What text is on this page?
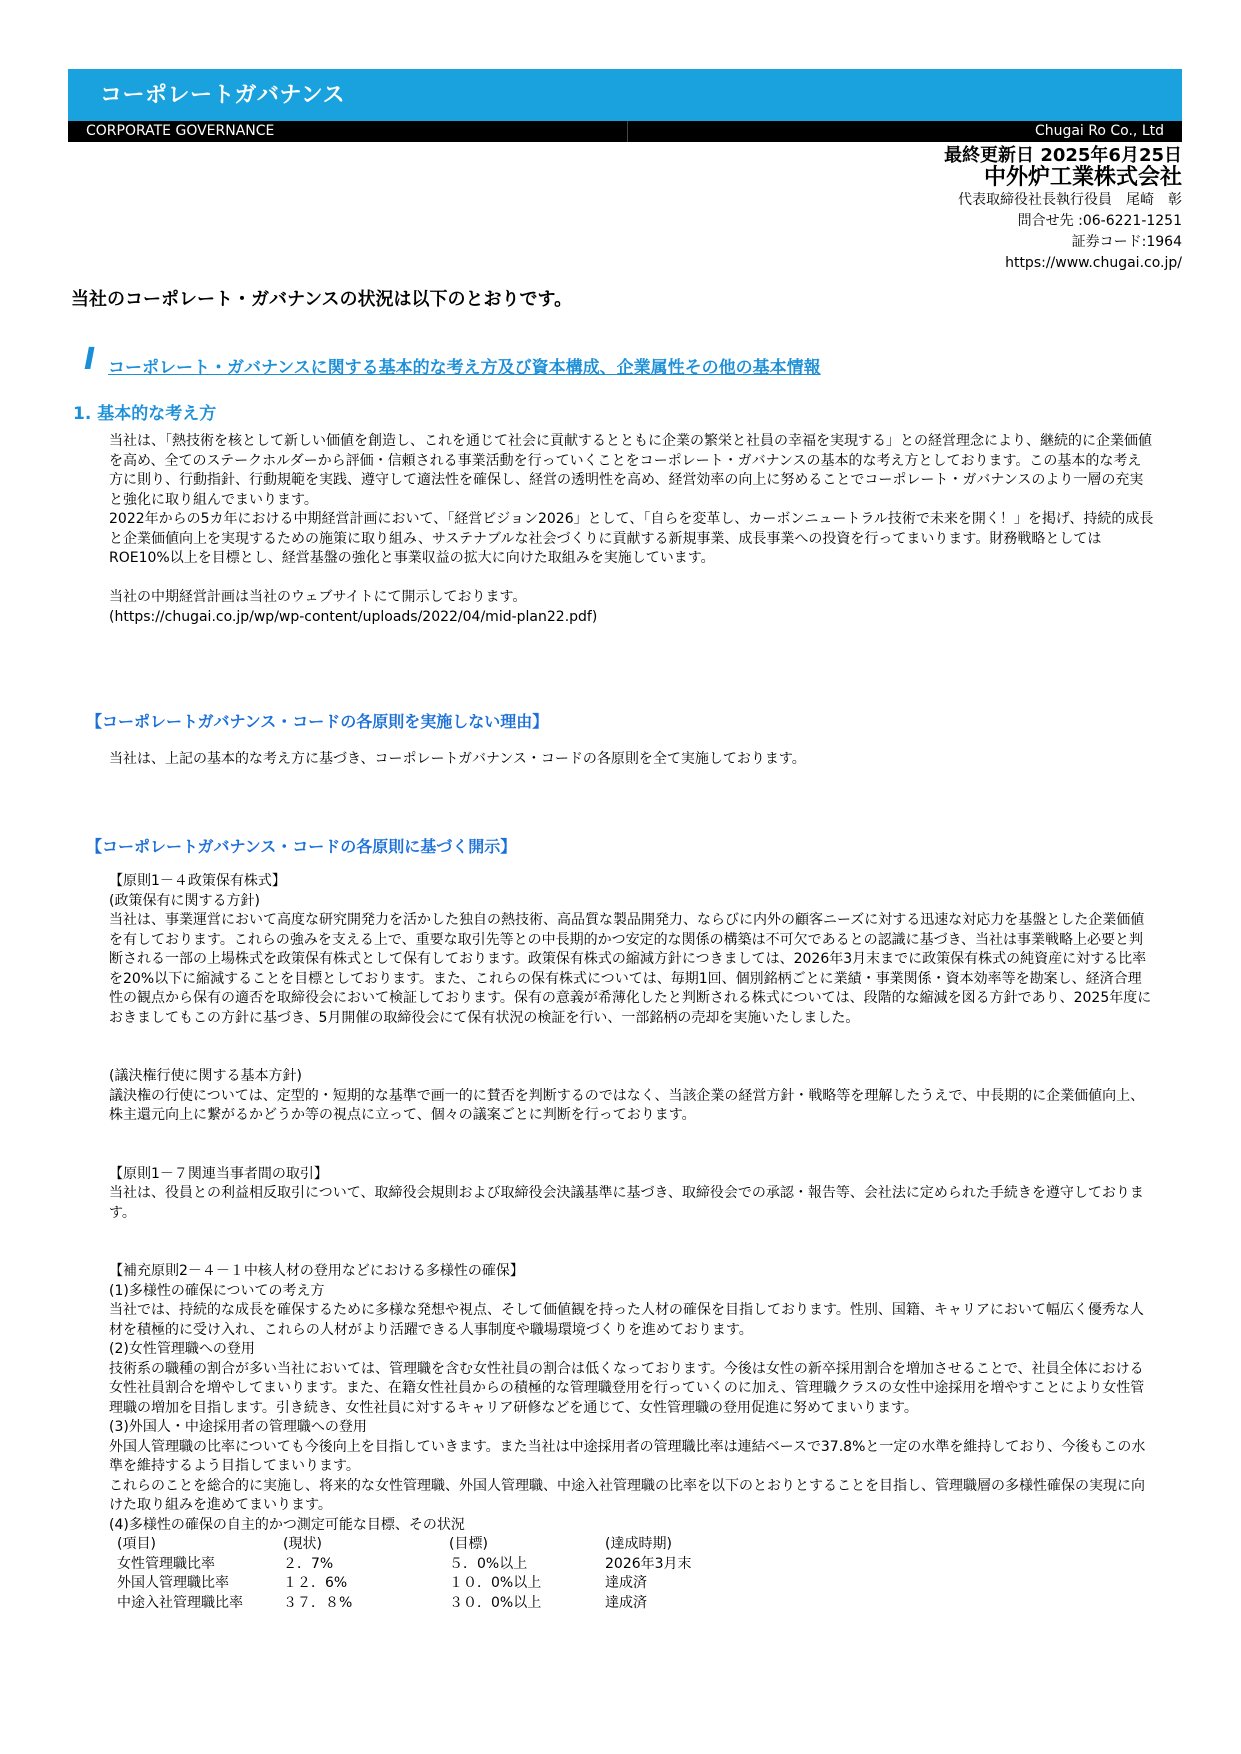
コーポレートガバナンス
CORPORATE GOVERNANCE	Chugai Ro Co., Ltd
最終更新日 2025年6月25日
中外炉工業株式会社
代表取締役社長執行役員　尾崎　彰
問合せ先 :06-6221-1251
証券コード:1964
https://www.chugai.co.jp/
当社のコーポレート・ガバナンスの状況は以下のとおりです。
I コーポレート・ガバナンスに関する基本的な考え方及び資本構成、企業属性その他の基本情報
1. 基本的な考え方

当社は、「熱技術を核として新しい価値を創造し、これを通じて社会に貢献するとともに企業の繁栄と社員の幸福を実現する」との経営理念により、継続的に企業価値を高め、全てのステークホルダーから評価・信頼される事業活動を行っていくことをコーポレート・ガバナンスの基本的な考え方としております。この基本的な考え方に則り、行動指針、行動規範を実践、遵守して適法性を確保し、経営の透明性を高め、経営効率の向上に努めることでコーポレート・ガバナンスのより一層の充実と強化に取り組んでまいります。

2022年からの5カ年における中期経営計画において、「経営ビジョン2026」として、「自らを変革し、カーボンニュートラル技術で未来を開く！」を掲げ、持続的成長と企業価値向上を実現するための施策に取り組み、サステナブルな社会づくりに貢献する新規事業、成長事業への投資を行ってまいります。財務戦略としてはROE10%以上を目標とし、経営基盤の強化と事業収益の拡大に向けた取組みを実施しています。

当社の中期経営計画は当社のウェブサイトにて開示しております。

(https://chugai.co.jp/wp/wp-content/uploads/2022/04/mid-plan22.pdf)

【コーポレートガバナンス・コードの各原則を実施しない理由】

当社は、上記の基本的な考え方に基づき、コーポレートガバナンス・コードの各原則を全て実施しております。

【コーポレートガバナンス・コードの各原則に基づく開示】

【原則1－４政策保有株式】

(政策保有に関する方針)

当社は、事業運営において高度な研究開発力を活かした独自の熱技術、高品質な製品開発力、ならびに内外の顧客ニーズに対する迅速な対応力を基盤とした企業価値を有しております。これらの強みを支える上で、重要な取引先等との中長期的かつ安定的な関係の構築は不可欠であるとの認識に基づき、当社は事業戦略上必要と判断される一部の上場株式を政策保有株式として保有しております。政策保有株式の縮減方針につきましては、2026年3月末までに政策保有株式の純資産に対する比率を20%以下に縮減することを目標としております。また、これらの保有株式については、毎期1回、個別銘柄ごとに業績・事業関係・資本効率等を勘案し、経済合理性の観点から保有の適否を取締役会において検証しております。保有の意義が希薄化したと判断される株式については、段階的な縮減を図る方針であり、2025年度におきましてもこの方針に基づき、5月開催の取締役会にて保有状況の検証を行い、一部銘柄の売却を実施いたしました。

(議決権行使に関する基本方針)

議決権の行使については、定型的・短期的な基準で画一的に賛否を判断するのではなく、当該企業の経営方針・戦略等を理解したうえで、中長期的に企業価値向上、株主還元向上に繋がるかどうか等の視点に立って、個々の議案ごとに判断を行っております。

【原則1－７関連当事者間の取引】

当社は、役員との利益相反取引について、取締役会規則および取締役会決議基準に基づき、取締役会での承認・報告等、会社法に定められた手続きを遵守しております。

【補充原則2－４－１中核人材の登用などにおける多様性の確保】

(1)多様性の確保についての考え方

当社では、持続的な成長を確保するために多様な発想や視点、そして価値観を持った人材の確保を目指しております。性別、国籍、キャリアにおいて幅広く優秀な人材を積極的に受け入れ、これらの人材がより活躍できる人事制度や職場環境づくりを進めております。

(2)女性管理職への登用

技術系の職種の割合が多い当社においては、管理職を含む女性社員の割合は低くなっております。今後は女性の新卒採用割合を増加させることで、社員全体における女性社員割合を増やしてまいります。また、在籍女性社員からの積極的な管理職登用を行っていくのに加え、管理職クラスの女性中途採用を増やすことにより女性管理職の増加を目指します。引き続き、女性社員に対するキャリア研修などを通じて、女性管理職の登用促進に努めてまいります。

(3)外国人・中途採用者の管理職への登用

外国人管理職の比率についても今後向上を目指していきます。また当社は中途採用者の管理職比率は連結ベースで37.8%と一定の水準を維持しており、今後もこの水準を維持するよう目指してまいります。

これらのことを総合的に実施し、将来的な女性管理職、外国人管理職、中途入社管理職の比率を以下のとおりとすることを目指し、管理職層の多様性確保の実現に向けた取り組みを進めてまいります。

(4)多様性の確保の自主的かつ測定可能な目標、その状況

(項目)	(現状)	(目標)	(達成時期)
女性管理職比率	２．7%	５．0%以上	2026年3月末
外国人管理職比率	１２．6%	１０．0%以上	達成済
中途入社管理職比率	３７．８%	３０．0%以上	達成済
